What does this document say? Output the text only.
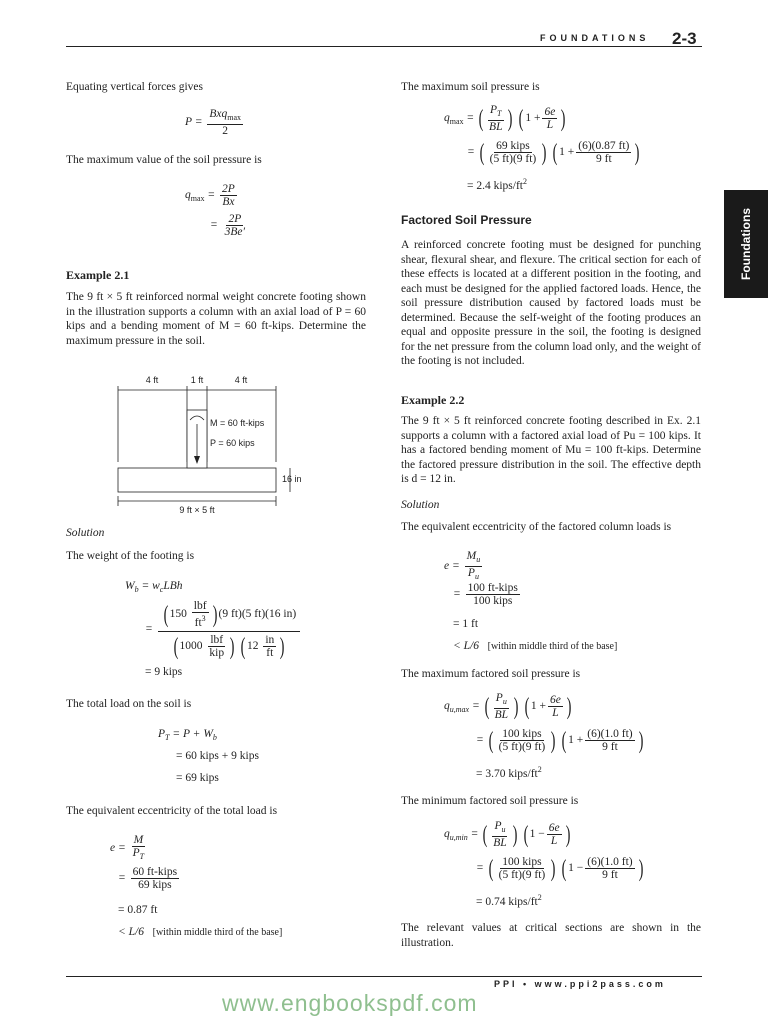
FOUNDATIONS 2-3
Foundations

Equating vertical forces gives

$P = \frac{Bxq_{max}}{2}$

The maximum value of the soil pressure is

$q_{max} = \frac{2P}{Bx}$
= $\frac{2P}{3Be'}$
Example 2.1

The 9 ft × 5 ft reinforced normal weight concrete footing shown in the illustration supports a column with an axial load of P = 60 kips and a bending moment of M = 60 ft-kips. Determine the maximum pressure in the soil.

4 ft	1 ft	4 ft
M = 60 ft-kips
P = 60 kips
16 in
9 ft × 5 ft

Solution

The weight of the footing is

$W_b = w_cLBh$
= $\frac{( 150 \frac{\text{lbf}}{ft^3} ) (9 ft)(5 ft)(16 in)}{( 1000 \frac{\text{lbf}}{\text{kip}} ) ( 12 \frac{in}{ft} )}$
= 9 kips

The total load on the soil is

$P_T = P + W_b$
= 60 kips + 9 kips
= 69 kips

The equivalent eccentricity of the total load is

$e = \frac{M}{P_T}$
= $\frac{\text{60 ft-kips}}{\text{69 kips}}$
= 0.87 ft
< L/6 [within middle third of the base]

The maximum soil pressure is

$q_{max}$ = ( $\frac{P_T}{BL}$ ) ( $1 + \frac{6e}{L}$ )
= ( $\frac{\text{69 kips}}{(5 ft)(9 ft)}$ ) ( $1 + \frac{(6)(0.87 ft)}{9 ft}$ )
= 2.4 kips/$ft^2$
Factored Soil Pressure

A reinforced concrete footing must be designed for punching shear, flexural shear, and flexure. The critical section for each of these effects is located at a different position in the footing, and each must be designed for the applied factored loads. Hence, the soil pressure distribution caused by factored loads must be determined. Because the self-weight of the footing produces an equal and opposite pressure in the soil, the footing is designed for the net pressure from the column load only, and the weight of the footing is not included.

Example 2.2

The 9 ft × 5 ft reinforced concrete footing described in Ex. 2.1 supports a column with a factored axial load of Pu = 100 kips. It has a factored bending moment of Mu = 100 ft-kips. Determine the factored pressure distribution in the soil. The effective depth is d = 12 in.

Solution

The equivalent eccentricity of the factored column loads is

$e = \frac{M_u}{P_u}$
= $\frac{\text{100 ft-kips}}{\text{100 kips}}$
= 1 ft
< L/6 [within middle third of the base]

The maximum factored soil pressure is

$q_{u,max}$ = ( $\frac{P_u}{BL}$ ) ( $1 + \frac{6e}{L}$ )
= ( $\frac{\text{100 kips}}{(5 ft)(9 ft)}$ ) ( $1 + \frac{(6)(1.0 ft)}{9 ft}$ )
= 3.70 kips/$ft^2$

The minimum factored soil pressure is

$q_{u,min}$ = ( $\frac{P_u}{BL}$ ) ( $1 - \frac{6e}{L}$ )
= ( $\frac{\text{100 kips}}{(5 ft)(9 ft)}$ ) ( $1 - \frac{(6)(1.0 ft)}{9 ft}$ )
= 0.74 kips/$ft^2$

The relevant values at critical sections are shown in the illustration.

PPI • www.ppi2pass.com
www.engbookspdf.com
